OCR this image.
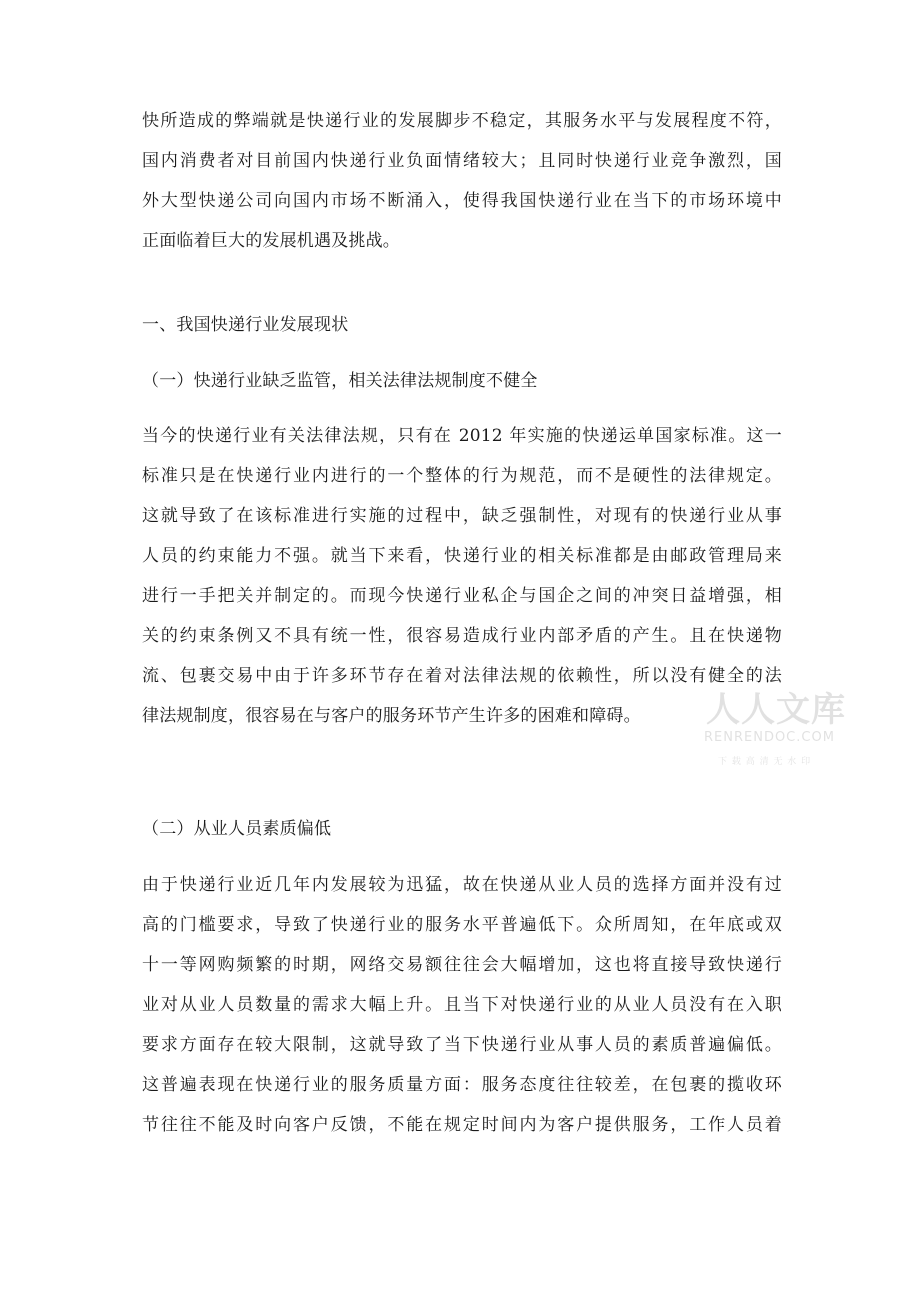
快所造成的弊端就是快递行业的发展脚步不稳定，其服务水平与发展程度不符，
国内消费者对目前国内快递行业负面情绪较大；且同时快递行业竞争激烈，国
外大型快递公司向国内市场不断涌入，使得我国快递行业在当下的市场环境中
正面临着巨大的发展机遇及挑战。
一、我国快递行业发展现状
（一）快递行业缺乏监管，相关法律法规制度不健全
当今的快递行业有关法律法规，只有在 2012 年实施的快递运单国家标准。这一
标准只是在快递行业内进行的一个整体的行为规范，而不是硬性的法律规定。
这就导致了在该标准进行实施的过程中，缺乏强制性，对现有的快递行业从事
人员的约束能力不强。就当下来看，快递行业的相关标准都是由邮政管理局来
进行一手把关并制定的。而现今快递行业私企与国企之间的冲突日益增强，相
关的约束条例又不具有统一性，很容易造成行业内部矛盾的产生。且在快递物
流、包裹交易中由于许多环节存在着对法律法规的依赖性，所以没有健全的法
律法规制度，很容易在与客户的服务环节产生许多的困难和障碍。
（二）从业人员素质偏低
由于快递行业近几年内发展较为迅猛，故在快递从业人员的选择方面并没有过
高的门槛要求，导致了快递行业的服务水平普遍低下。众所周知，在年底或双
十一等网购频繁的时期，网络交易额往往会大幅增加，这也将直接导致快递行
业对从业人员数量的需求大幅上升。且当下对快递行业的从业人员没有在入职
要求方面存在较大限制，这就导致了当下快递行业从事人员的素质普遍偏低。
这普遍表现在快递行业的服务质量方面：服务态度往往较差，在包裹的揽收环
节往往不能及时向客户反馈，不能在规定时间内为客户提供服务，工作人员着
人人文库
RENRENDOC.COM
下 载 高 清 无 水 印
